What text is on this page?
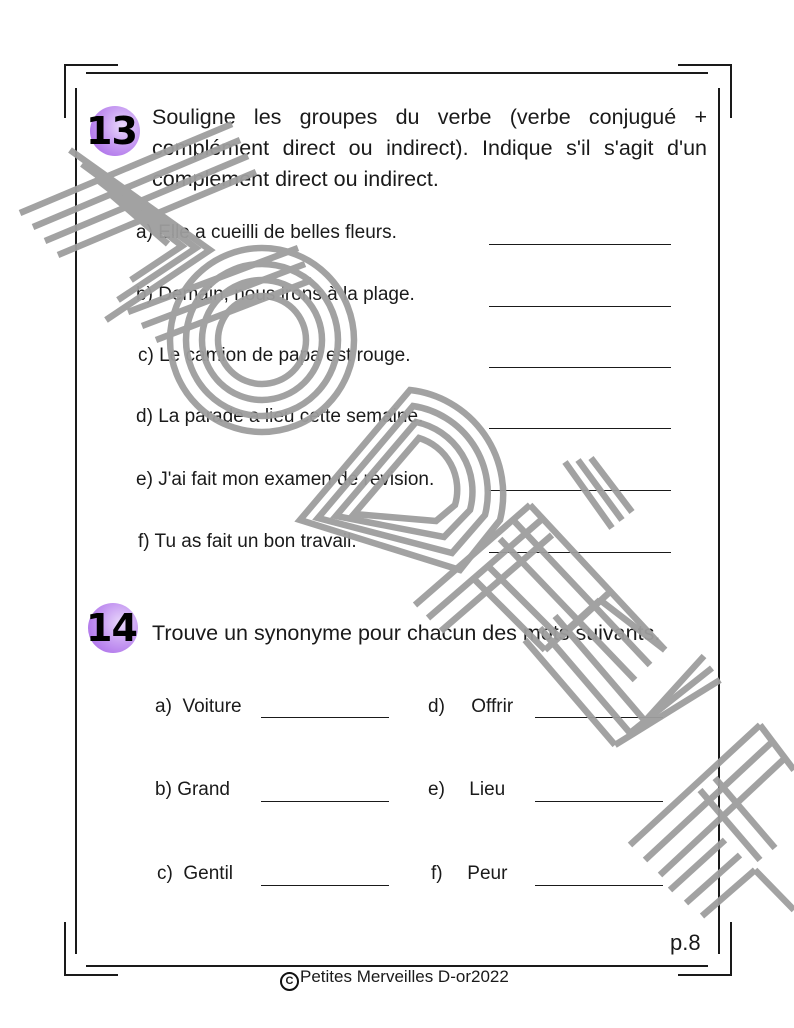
13 Souligne les groupes du verbe (verbe conjugué + complément direct ou indirect). Indique s'il s'agit d'un complément direct ou indirect.
a) Elle a cueilli de belles fleurs.
b) Demain, nous irons à la plage.
c) Le camion de papa est rouge.
d) La parade a lieu cette semaine.
e) J'ai fait mon examen de révision.
f) Tu as fait un bon travail.
14 Trouve un synonyme pour chacun des mots suivants.
a) Voiture	d) Offrir
b) Grand	e) Lieu
c) Gentil	f) Peur
p.8
C Petites Merveilles D-or2022
